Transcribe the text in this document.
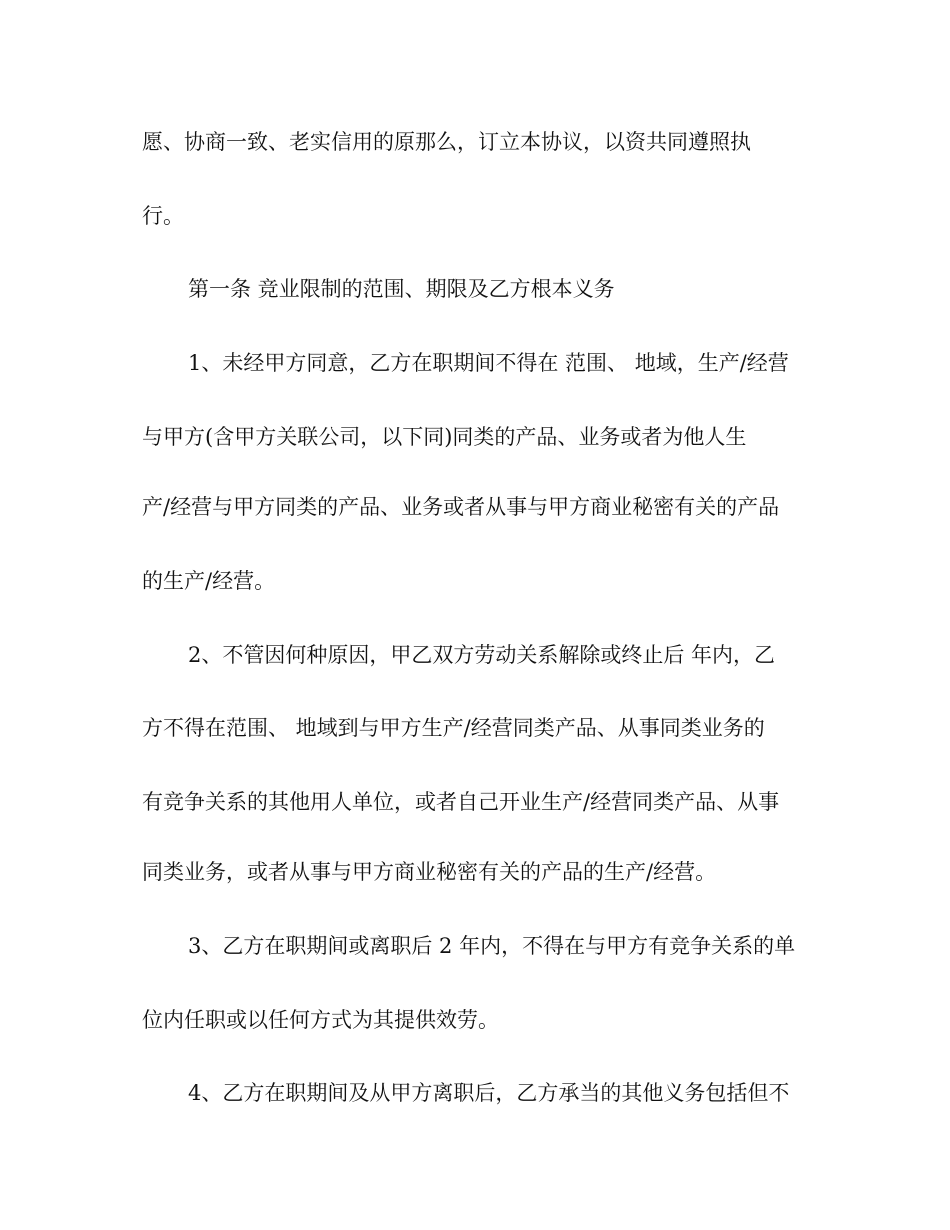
愿、协商一致、老实信用的原那么，订立本协议，以资共同遵照执
行。
第一条 竞业限制的范围、期限及乙方根本义务
1、未经甲方同意，乙方在职期间不得在 范围、 地域，生产/经营
与甲方(含甲方关联公司，以下同)同类的产品、业务或者为他人生
产/经营与甲方同类的产品、业务或者从事与甲方商业秘密有关的产品
的生产/经营。
2、不管因何种原因，甲乙双方劳动关系解除或终止后 年内，乙
方不得在范围、 地域到与甲方生产/经营同类产品、从事同类业务的
有竞争关系的其他用人单位，或者自己开业生产/经营同类产品、从事
同类业务，或者从事与甲方商业秘密有关的产品的生产/经营。
3、乙方在职期间或离职后 2 年内，不得在与甲方有竞争关系的单
位内任职或以任何方式为其提供效劳。
4、乙方在职期间及从甲方离职后，乙方承当的其他义务包括但不
